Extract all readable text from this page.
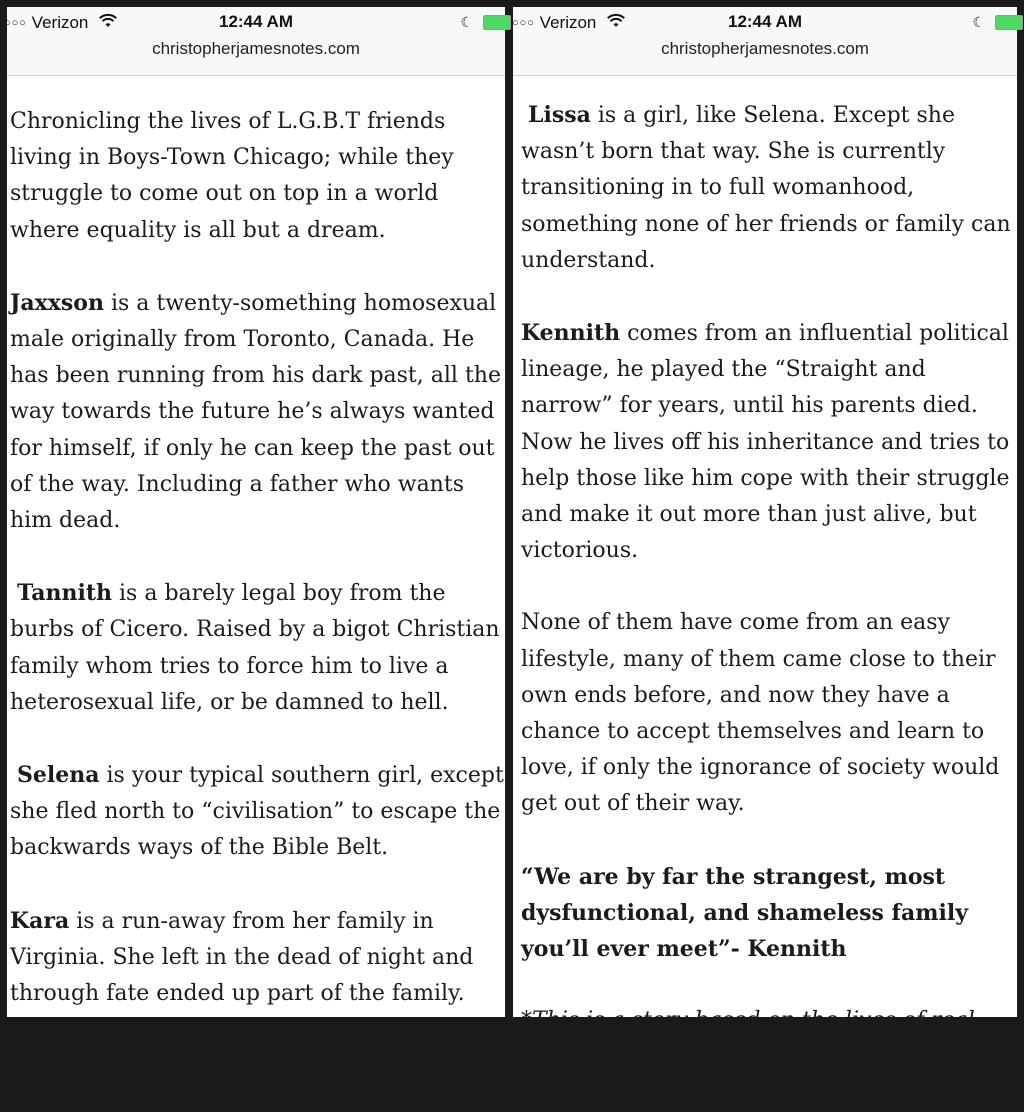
○○○ Verizon	12:44 AM	☾
christopherjamesnotes.com

Chronicling the lives of L.G.B.T friends living in Boys-Town Chicago; while they struggle to come out on top in a world where equality is all but a dream.

Jaxxson is a twenty-something homosexual male originally from Toronto, Canada. He has been running from his dark past, all the way towards the future he’s always wanted for himself, if only he can keep the past out of the way. Including a father who wants him dead.

Tannith is a barely legal boy from the burbs of Cicero. Raised by a bigot Christian family whom tries to force him to live a heterosexual life, or be damned to hell.

Selena is your typical southern girl, except she fled north to “civilisation” to escape the backwards ways of the Bible Belt.

Kara is a run-away from her family in Virginia. She left in the dead of night and through fate ended up part of the family.

○○○ Verizon	12:44 AM	☾
christopherjamesnotes.com

Lissa is a girl, like Selena. Except she wasn’t born that way. She is currently transitioning in to full womanhood, something none of her friends or family can understand.

Kennith comes from an influential political lineage, he played the “Straight and narrow” for years, until his parents died. Now he lives off his inheritance and tries to help those like him cope with their struggle and make it out more than just alive, but victorious.

None of them have come from an easy lifestyle, many of them came close to their own ends before, and now they have a chance to accept themselves and learn to love, if only the ignorance of society would get out of their way.

“We are by far the strangest, most dysfunctional, and shameless family you’ll ever meet”- Kennith

*This is a story based on the lives of real people and real situations. I have changed
